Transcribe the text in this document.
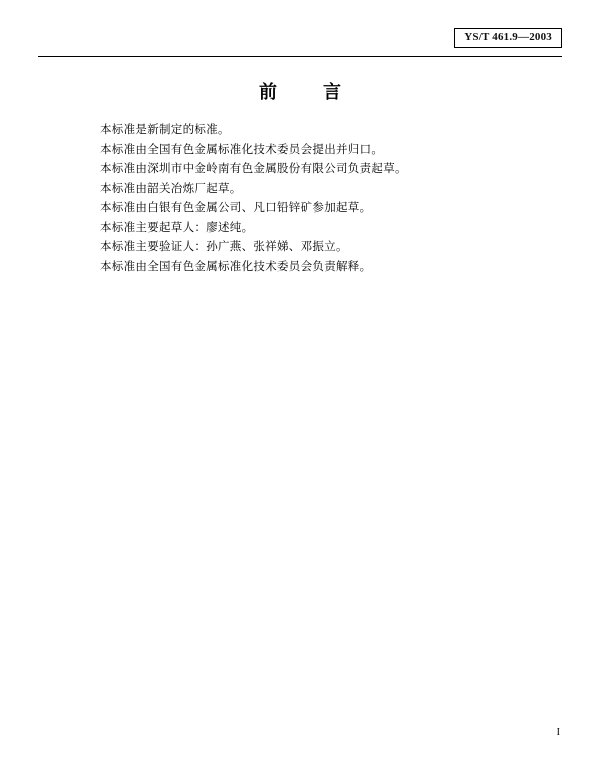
YS/T 461.9—2003
前　言
本标准是新制定的标准。
本标准由全国有色金属标准化技术委员会提出并归口。
本标准由深圳市中金岭南有色金属股份有限公司负责起草。
本标准由韶关冶炼厂起草。
本标准由白银有色金属公司、凡口铅锌矿参加起草。
本标准主要起草人：廖述纯。
本标准主要验证人：孙广燕、张祥娣、邓振立。
本标准由全国有色金属标准化技术委员会负责解释。
I
